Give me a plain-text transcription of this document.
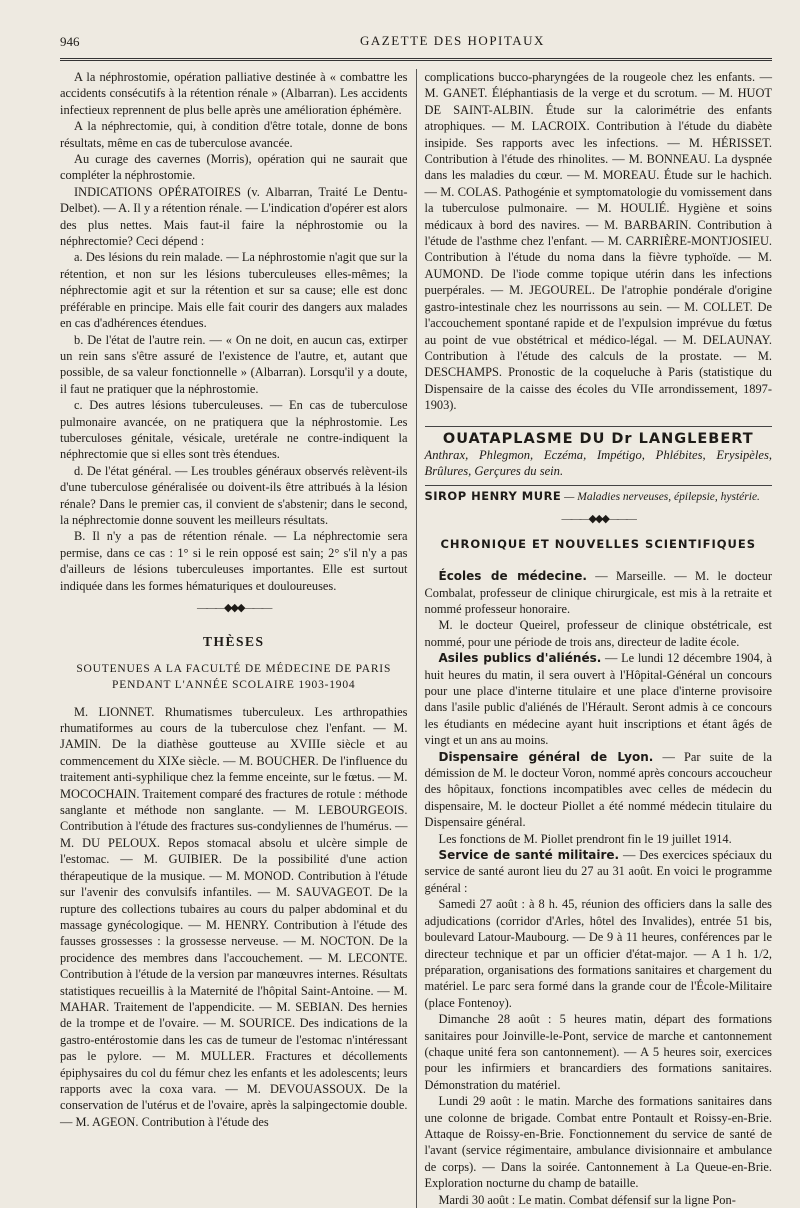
946	GAZETTE DES HOPITAUX

A la néphrostomie, opération palliative destinée à « combattre les accidents consécutifs à la rétention rénale » (Albarran). Les accidents infectieux reprennent de plus belle après une amélioration éphémère.

A la néphrectomie, qui, à condition d'être totale, donne de bons résultats, même en cas de tuberculose avancée.

Au curage des cavernes (Morris), opération qui ne saurait que compléter la néphrostomie.

INDICATIONS OPÉRATOIRES (v. Albarran, Traité Le Dentu-Delbet). — A. Il y a rétention rénale. — L'indication d'opérer est alors des plus nettes. Mais faut-il faire la néphrostomie ou la néphrectomie? Ceci dépend :

a. Des lésions du rein malade. — La néphrostomie n'agit que sur la rétention, et non sur les lésions tuberculeuses elles-mêmes; la néphrectomie agit et sur la rétention et sur sa cause; elle est donc préférable en principe. Mais elle fait courir des dangers aux malades en cas d'adhérences étendues.

b. De l'état de l'autre rein. — « On ne doit, en aucun cas, extirper un rein sans s'être assuré de l'existence de l'autre, et, autant que possible, de sa valeur fonctionnelle » (Albarran). Lorsqu'il y a doute, il faut ne pratiquer que la néphrostomie.

c. Des autres lésions tuberculeuses. — En cas de tuberculose pulmonaire avancée, on ne pratiquera que la néphrostomie. Les tuberculoses génitale, vésicale, uretérale ne contre-indiquent la néphrectomie que si elles sont très étendues.

d. De l'état général. — Les troubles généraux observés relèvent-ils d'une tuberculose généralisée ou doivent-ils être attribués à la lésion rénale? Dans le premier cas, il convient de s'abstenir; dans le second, la néphrectomie donne souvent les meilleurs résultats.

B. Il n'y a pas de rétention rénale. — La néphrectomie sera permise, dans ce cas : 1° si le rein opposé est sain; 2° s'il n'y a pas d'ailleurs de lésions tuberculeuses importantes. Elle est surtout indiquée dans les formes hématuriques et douloureuses.

———◆◆◆———
THÈSES
SOUTENUES A LA FACULTÉ DE MÉDECINE DE PARIS
PENDANT L'ANNÉE SCOLAIRE 1903-1904

M. LIONNET. Rhumatismes tuberculeux. Les arthropathies rhumatiformes au cours de la tuberculose chez l'enfant. — M. JAMIN. De la diathèse goutteuse au XVIIIe siècle et au commencement du XIXe siècle. — M. BOUCHER. De l'influence du traitement anti-syphilique chez la femme enceinte, sur le fœtus. — M. MOCOCHAIN. Traitement comparé des fractures de rotule : méthode sanglante et méthode non sanglante. — M. LEBOURGEOIS. Contribution à l'étude des fractures sus-condyliennes de l'humérus. — M. DU PELOUX. Repos stomacal absolu et ulcère simple de l'estomac. — M. GUIBIER. De la possibilité d'une action thérapeutique de la musique. — M. MONOD. Contribution à l'étude sur l'avenir des convulsifs infantiles. — M. SAUVAGEOT. De la rupture des collections tubaires au cours du palper abdominal et du massage gynécologique. — M. HENRY. Contribution à l'étude des fausses grossesses : la grossesse nerveuse. — M. NOCTON. De la procidence des membres dans l'accouchement. — M. LECONTE. Contribution à l'étude de la version par manœuvres internes. Résultats statistiques recueillis à la Maternité de l'hôpital Saint-Antoine. — M. MAHAR. Traitement de l'appendicite. — M. SEBIAN. Des hernies de la trompe et de l'ovaire. — M. SOURICE. Des indications de la gastro-entérostomie dans les cas de tumeur de l'estomac n'intéressant pas le pylore. — M. MULLER. Fractures et décollements épiphysaires du col du fémur chez les enfants et les adolescents; leurs rapports avec la coxa vara. — M. DEVOUASSOUX. De la conservation de l'utérus et de l'ovaire, après la salpingectomie double. — M. AGEON. Contribution à l'étude des

complications bucco-pharyngées de la rougeole chez les enfants. — M. GANET. Éléphantiasis de la verge et du scrotum. — M. HUOT DE SAINT-ALBIN. Étude sur la calorimétrie des enfants atrophiques. — M. LACROIX. Contribution à l'étude du diabète insipide. Ses rapports avec les infections. — M. HÉRISSET. Contribution à l'étude des rhinolites. — M. BONNEAU. La dyspnée dans les maladies du cœur. — M. MOREAU. Étude sur le hachich. — M. COLAS. Pathogénie et symptomatologie du vomissement dans la tuberculose pulmonaire. — M. HOULIÉ. Hygiène et soins médicaux à bord des navires. — M. BARBARIN. Contribution à l'étude de l'asthme chez l'enfant. — M. CARRIÈRE-MONTJOSIEU. Contribution à l'étude du noma dans la fièvre typhoïde. — M. AUMOND. De l'iode comme topique utérin dans les infections puerpérales. — M. JEGOUREL. De l'atrophie pondérale d'origine gastro-intestinale chez les nourrissons au sein. — M. COLLET. De l'accouchement spontané rapide et de l'expulsion imprévue du fœtus au point de vue obstétrical et médico-légal. — M. DELAUNAY. Contribution à l'étude des calculs de la prostate. — M. DESCHAMPS. Pronostic de la coqueluche à Paris (statistique du Dispensaire de la caisse des écoles du VIIe arrondissement, 1897-1903).

OUATAPLASME DU Dr LANGLEBERT
Anthrax, Phlegmon, Eczéma, Impétigo, Phlébites, Erysipèles, Brûlures, Gerçures du sein.
SIROP HENRY MURE — Maladies nerveuses, épilepsie, hystérie.
———◆◆◆———
CHRONIQUE ET NOUVELLES SCIENTIFIQUES

Écoles de médecine. — Marseille. — M. le docteur Combalat, professeur de clinique chirurgicale, est mis à la retraite et nommé professeur honoraire.

M. le docteur Queirel, professeur de clinique obstétricale, est nommé, pour une période de trois ans, directeur de ladite école.

Asiles publics d'aliénés. — Le lundi 12 décembre 1904, à huit heures du matin, il sera ouvert à l'Hôpital-Général un concours pour une place d'interne titulaire et une place d'interne provisoire dans l'asile public d'aliénés de l'Hérault. Seront admis à ce concours les étudiants en médecine ayant huit inscriptions et étant âgés de vingt et un ans au moins.

Dispensaire général de Lyon. — Par suite de la démission de M. le docteur Voron, nommé après concours accoucheur des hôpitaux, fonctions incompatibles avec celles de médecin du dispensaire, M. le docteur Piollet a été nommé médecin titulaire du Dispensaire général.

Les fonctions de M. Piollet prendront fin le 19 juillet 1914.

Service de santé militaire. — Des exercices spéciaux du service de santé auront lieu du 27 au 31 août. En voici le programme général :

Samedi 27 août : à 8 h. 45, réunion des officiers dans la salle des adjudications (corridor d'Arles, hôtel des Invalides), entrée 51 bis, boulevard Latour-Maubourg. — De 9 à 11 heures, conférences par le directeur technique et par un officier d'état-major. — A 1 h. 1/2, préparation, organisations des formations sanitaires et chargement du matériel. Le parc sera formé dans la grande cour de l'École-Militaire (place Fontenoy).

Dimanche 28 août : 5 heures matin, départ des formations sanitaires pour Joinville-le-Pont, service de marche et cantonnement (chaque unité fera son cantonnement). — A 5 heures soir, exercices pour les infirmiers et brancardiers des formations sanitaires. Démonstration du matériel.

Lundi 29 août : le matin. Marche des formations sanitaires dans une colonne de brigade. Combat entre Pontault et Roissy-en-Brie. Attaque de Roissy-en-Brie. Fonctionnement du service de santé de l'avant (service régimentaire, ambulance divisionnaire et ambulance de corps). — Dans la soirée. Cantonnement à La Queue-en-Brie. Exploration nocturne du champ de bataille.

Mardi 30 août : Le matin. Combat défensif sur la ligne Pon-
